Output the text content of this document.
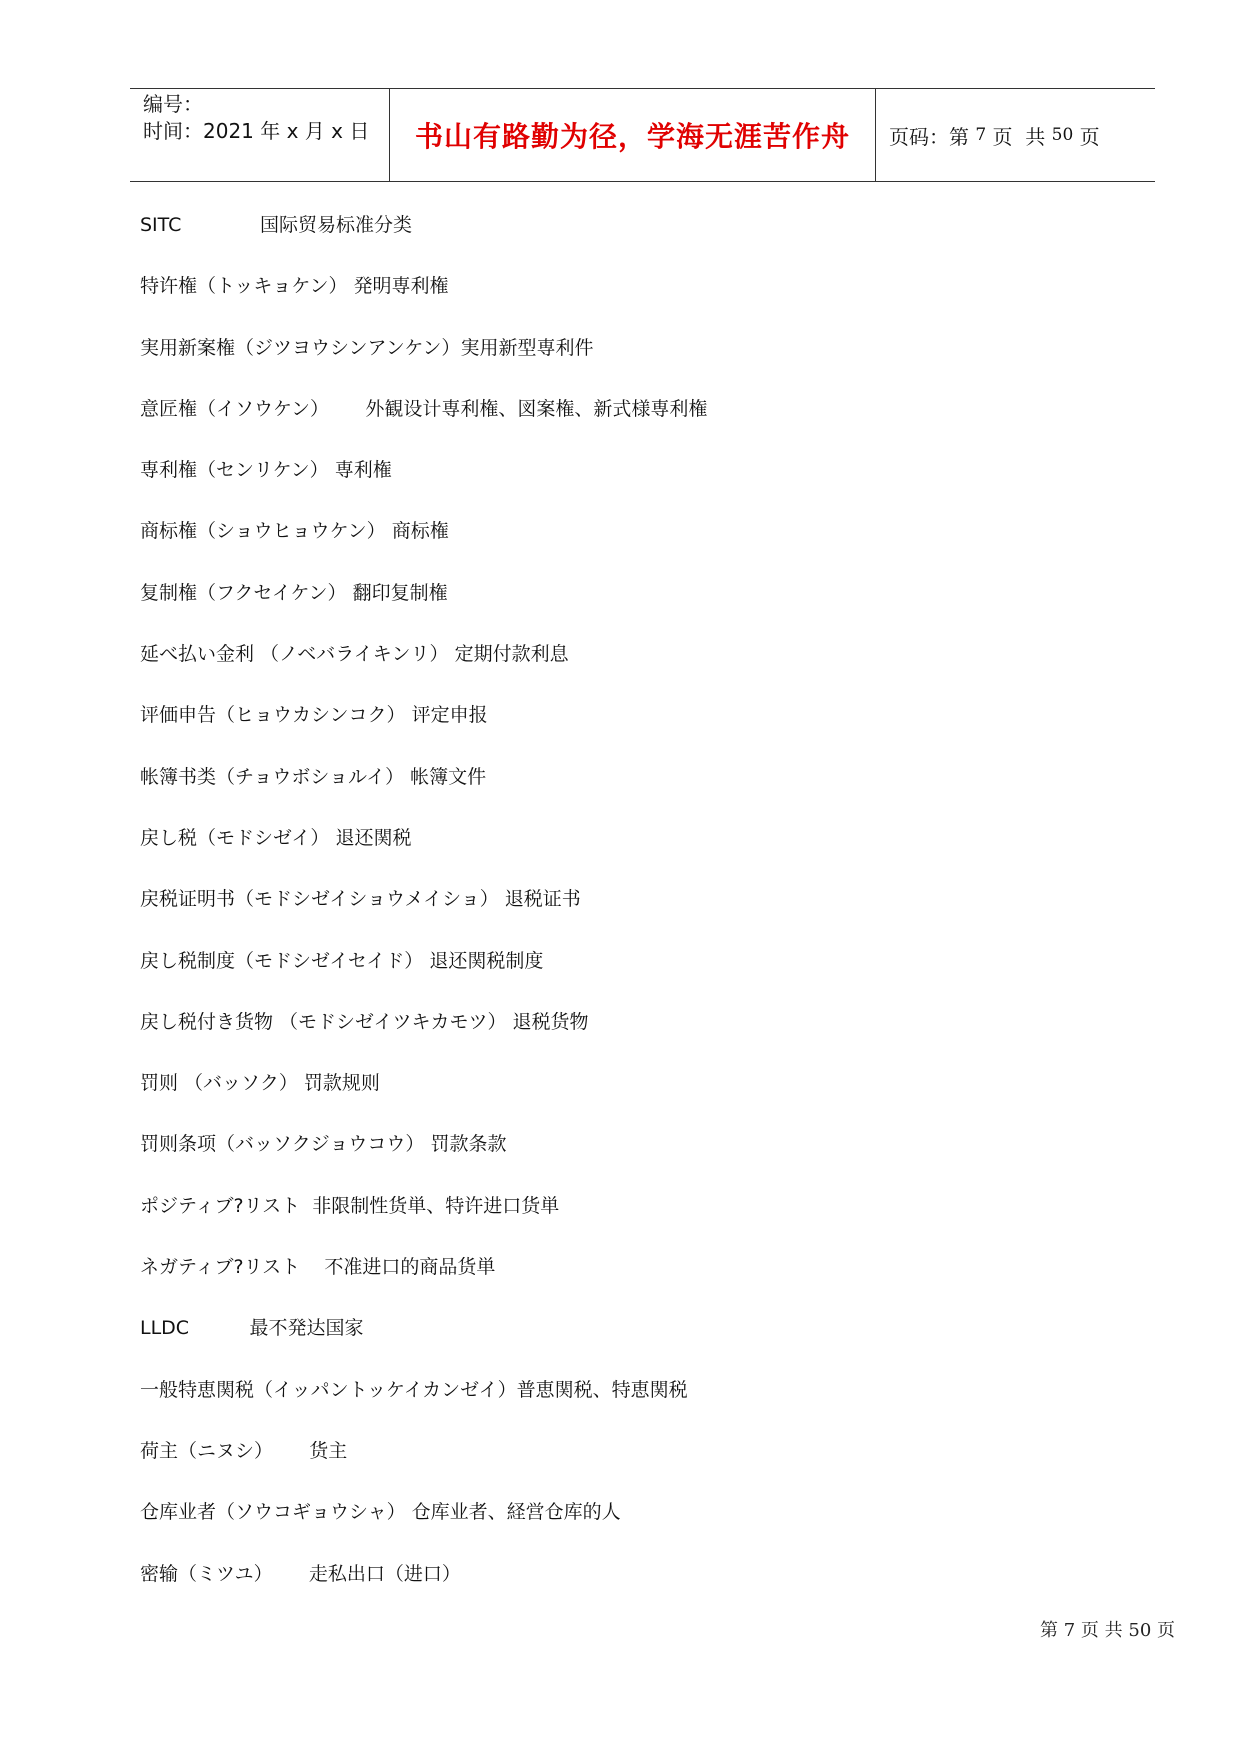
编号：
时间：2021 年 x 月 x 日	书山有路勤为径，学海无涯苦作舟	页码：第 7 页  共 50 页
SITC	国际贸易标准分类
特许権（トッキョケン） 発明専利権
実用新案権（ジツヨウシンアンケン）実用新型専利件
意匠権（イソウケン） 外観设计専利権、図案権、新式様専利権
専利権（センリケン） 専利権
商标権（ショウヒョウケン） 商标権
复制権（フクセイケン） 翻印复制権
延べ払い金利 （ノベバライキンリ） 定期付款利息
评価申告（ヒョウカシンコク） 评定申报
帐簿书类（チョウボショルイ） 帐簿文件
戻し税（モドシゼイ） 退还関税
戻税证明书（モドシゼイショウメイショ） 退税证书
戻し税制度（モドシゼイセイド） 退还関税制度
戻し税付き货物 （モドシゼイツキカモツ） 退税货物
罚则 （バッソク） 罚款规则
罚则条项（バッソクジョウコウ） 罚款条款
ポジティブ?リスト 非限制性货単、特许进口货単
ネガティブ?リスト 不准进口的商品货単
LLDC	最不発达国家
一般特恵関税（イッパントッケイカンゼイ）普恵関税、特恵関税
荷主（ニヌシ） 货主
仓库业者（ソウコギョウシャ） 仓库业者、経営仓库的人
密输（ミツユ） 走私出口（进口）
第 7 页 共 50 页
